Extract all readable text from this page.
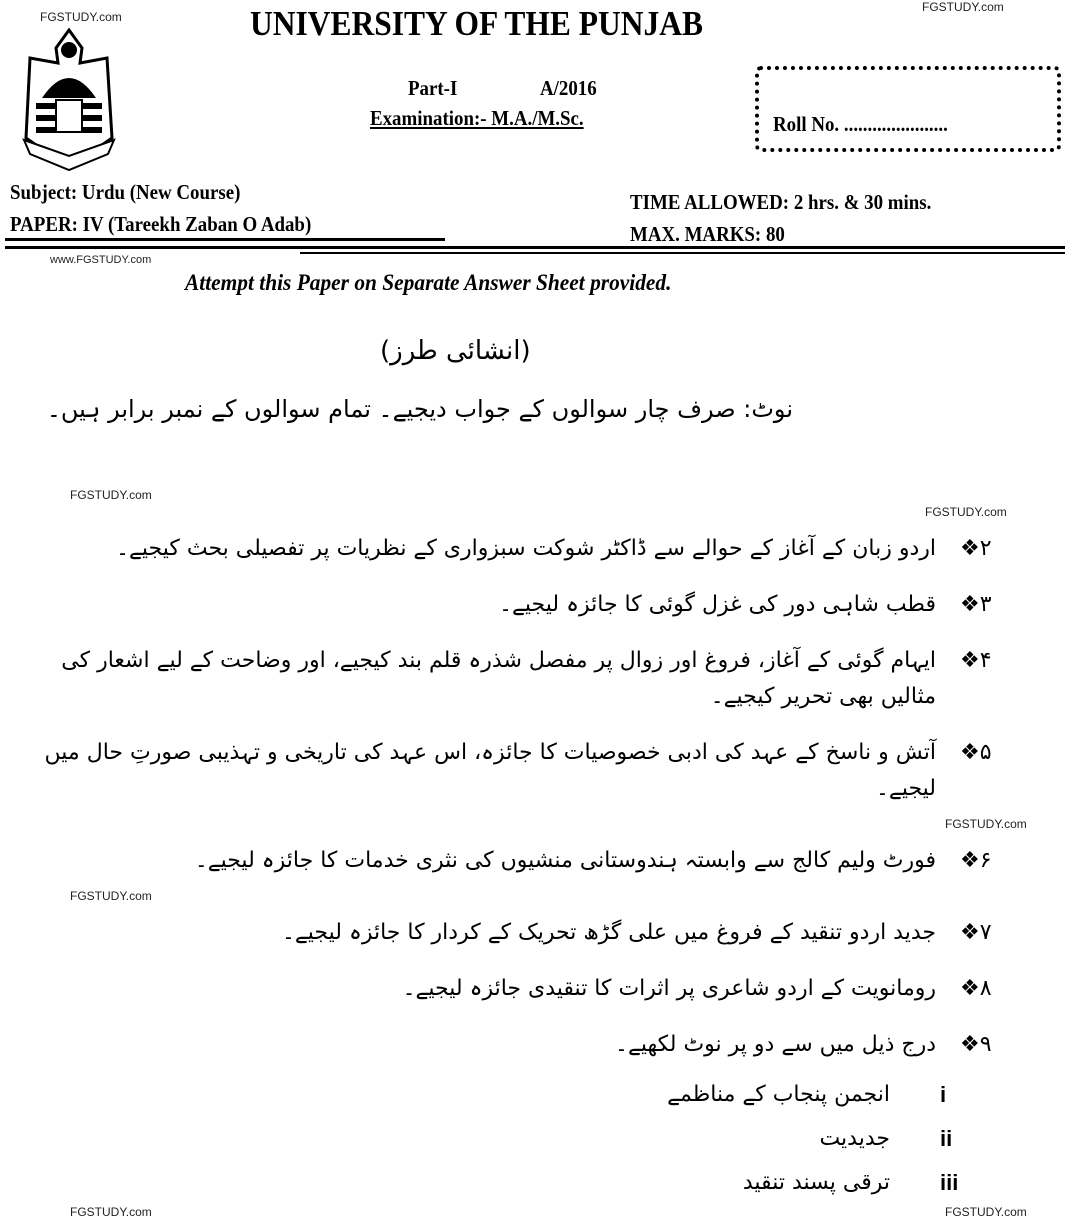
FGSTUDY.com
FGSTUDY.com
www.FGSTUDY.com
FGSTUDY.com
UNIVERSITY OF THE PUNJAB
Part-I	A/2016
Examination:- M.A./M.Sc.	Roll No. ......................
Subject: Urdu (New Course)
PAPER: IV (Tareekh Zaban O Adab)
TIME ALLOWED: 2 hrs. & 30 mins.
MAX. MARKS: 80
Attempt this Paper on Separate Answer Sheet provided.
(انشائی طرز)
نوٹ: صرف چار سوالوں کے جواب دیجیے۔ تمام سوالوں کے نمبر برابر ہیں۔
FGSTUDY.com
❖۲
اردو زبان کے آغاز کے حوالے سے ڈاکٹر شوکت سبزواری کے نظریات پر تفصیلی بحث کیجیے۔
❖۳
قطب شاہی دور کی غزل گوئی کا جائزہ لیجیے۔
❖۴
ایہام گوئی کے آغاز، فروغ اور زوال پر مفصل شذرہ قلم بند کیجیے، اور وضاحت کے لیے اشعار کی مثالیں بھی تحریر کیجیے۔
❖۵
آتش و ناسخ کے عہد کی ادبی خصوصیات کا جائزہ، اس عہد کی تاریخی و تہذیبی صورتِ حال میں لیجیے۔
FGSTUDY.com
❖۶
فورٹ ولیم کالج سے وابستہ ہندوستانی منشیوں کی نثری خدمات کا جائزہ لیجیے۔
FGSTUDY.com
❖۷
جدید اردو تنقید کے فروغ میں علی گڑھ تحریک کے کردار کا جائزہ لیجیے۔
❖۸
رومانویت کے اردو شاعری پر اثرات کا تنقیدی جائزہ لیجیے۔
❖۹
درج ذیل میں سے دو پر نوٹ لکھیے۔
i
انجمن پنجاب کے مناظمے
ii
جدیدیت
iii
ترقی پسند تنقید
FGSTUDY.com	FGSTUDY.com
